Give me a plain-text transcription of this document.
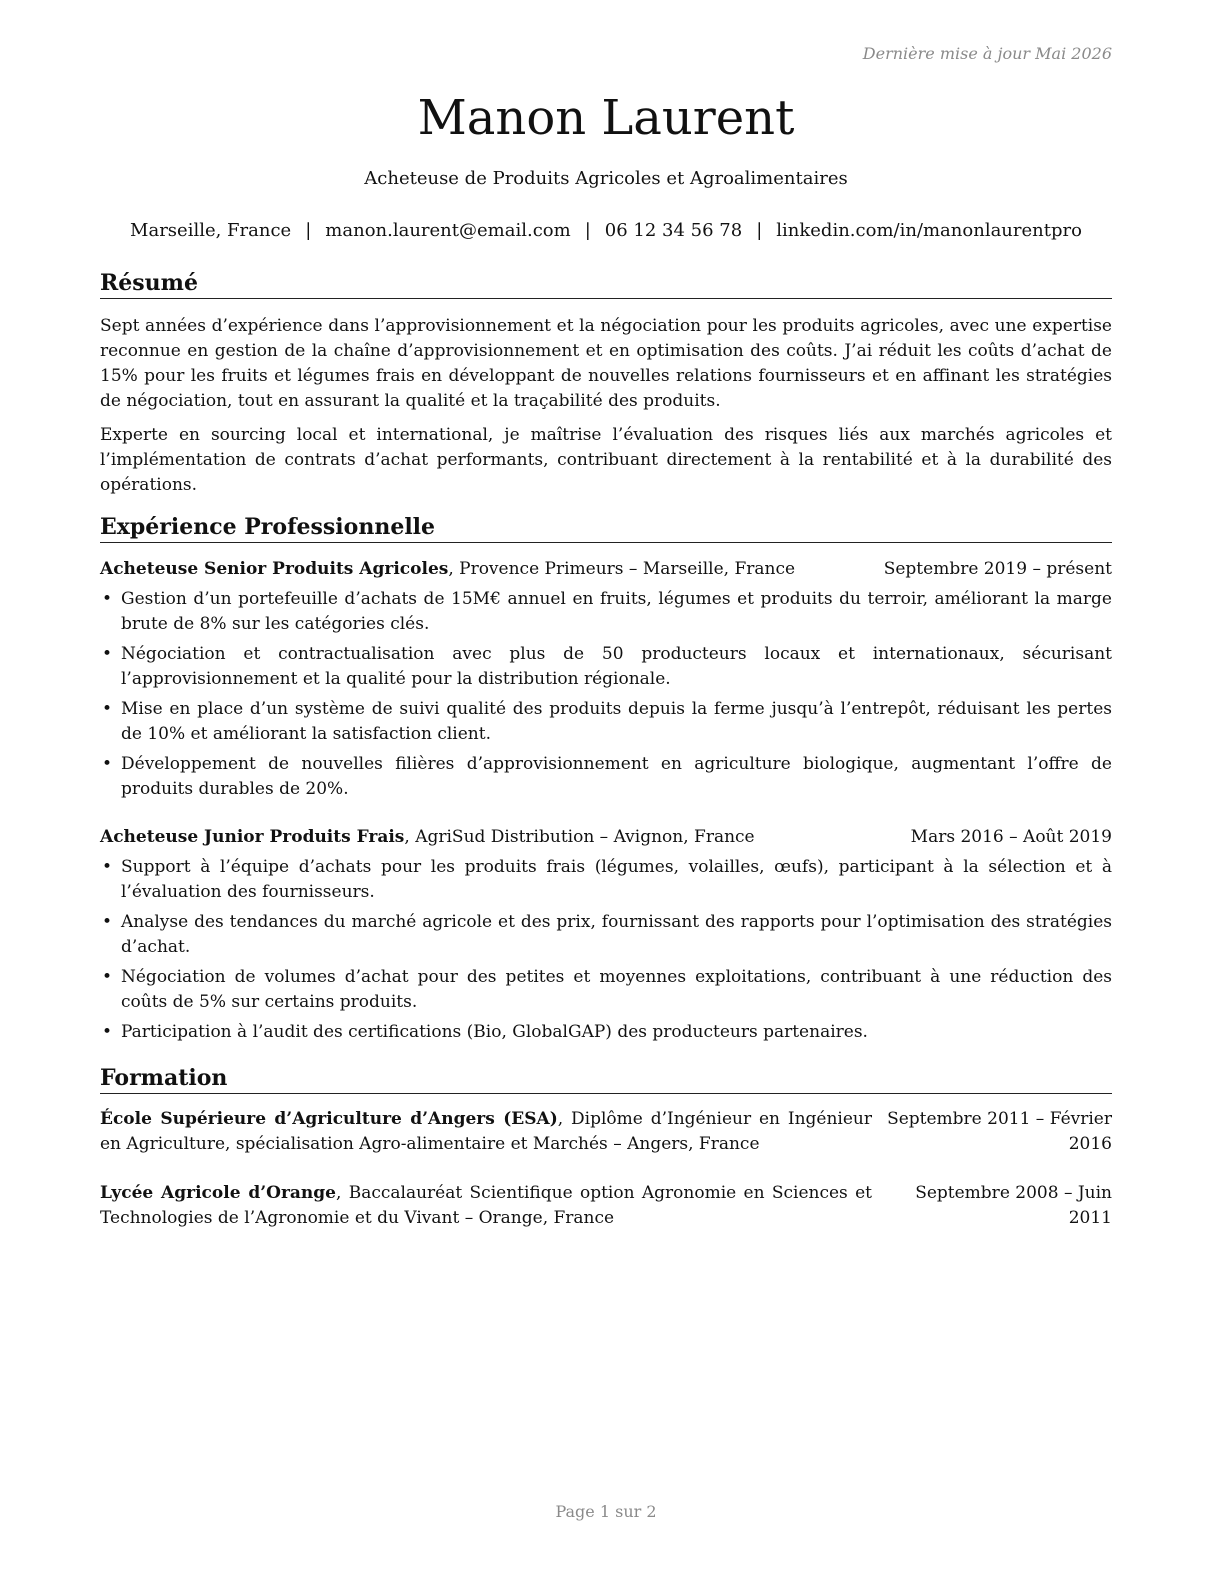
Dernière mise à jour Mai 2026
Manon Laurent
Acheteuse de Produits Agricoles et Agroalimentaires
Marseille, France | manon.laurent@email.com | 06 12 34 56 78 | linkedin.com/in/manonlaurentpro
Résumé

Sept années d’expérience dans l’approvisionnement et la négociation pour les produits agricoles, avec une expertise reconnue en gestion de la chaîne d’approvisionnement et en optimisation des coûts. J’ai réduit les coûts d’achat de 15% pour les fruits et légumes frais en développant de nouvelles relations fournisseurs et en affinant les stratégies de négociation, tout en assurant la qualité et la traçabilité des produits.

Experte en sourcing local et international, je maîtrise l’évaluation des risques liés aux marchés agricoles et l’implémentation de contrats d’achat performants, contribuant directement à la rentabilité et à la durabilité des opérations.

Expérience Professionnelle
Acheteuse Senior Produits Agricoles, Provence Primeurs – Marseille, France	Septembre 2019 – présent
• Gestion d’un portefeuille d’achats de 15M€ annuel en fruits, légumes et produits du terroir, améliorant la marge brute de 8% sur les catégories clés.
• Négociation et contractualisation avec plus de 50 producteurs locaux et internationaux, sécurisant l’approvisionnement et la qualité pour la distribution régionale.
• Mise en place d’un système de suivi qualité des produits depuis la ferme jusqu’à l’entrepôt, réduisant les pertes de 10% et améliorant la satisfaction client.
• Développement de nouvelles filières d’approvisionnement en agriculture biologique, augmentant l’offre de produits durables de 20%.
Acheteuse Junior Produits Frais, AgriSud Distribution – Avignon, France	Mars 2016 – Août 2019
• Support à l’équipe d’achats pour les produits frais (légumes, volailles, œufs), participant à la sélection et à l’évaluation des fournisseurs.
• Analyse des tendances du marché agricole et des prix, fournissant des rapports pour l’optimisation des stratégies d’achat.
• Négociation de volumes d’achat pour des petites et moyennes exploitations, contribuant à une réduction des coûts de 5% sur certains produits.
• Participation à l’audit des certifications (Bio, GlobalGAP) des producteurs partenaires.
Formation
École Supérieure d’Agriculture d’Angers (ESA), Diplôme d’Ingénieur en Ingénieur en Agriculture, spécialisation Agro-alimentaire et Marchés – Angers, France
Septembre 2011 – Février 2016
Lycée Agricole d’Orange, Baccalauréat Scientifique option Agronomie en Sciences et Technologies de l’Agronomie et du Vivant – Orange, France
Septembre 2008 – Juin 2011
Page 1 sur 2
